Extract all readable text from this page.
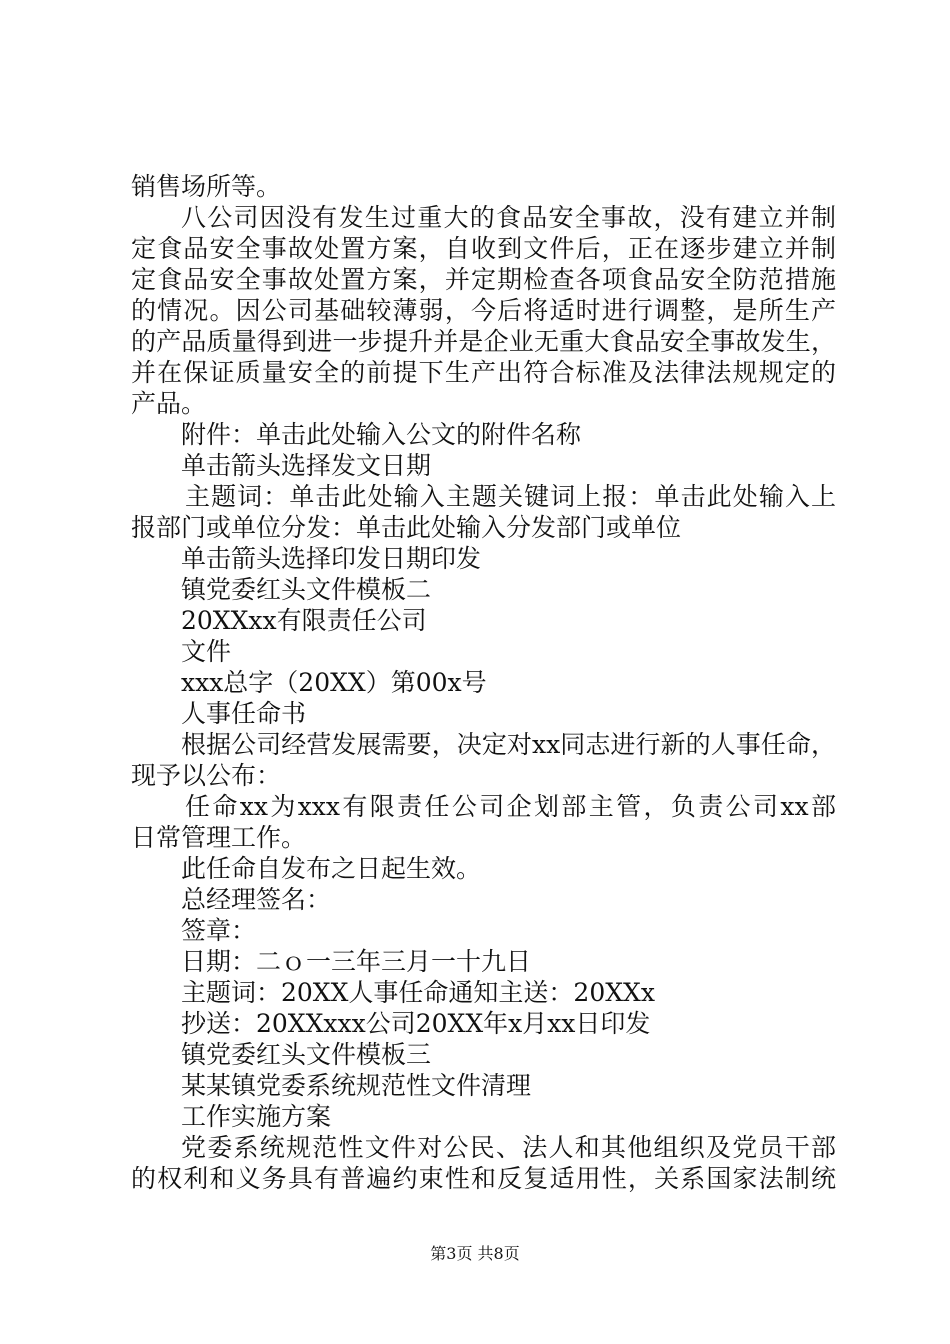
销售场所等。
八公司因没有发生过重大的食品安全事故，没有建立并制
定食品安全事故处置方案，自收到文件后，正在逐步建立并制
定食品安全事故处置方案，并定期检查各项食品安全防范措施
的情况。因公司基础较薄弱，今后将适时进行调整，是所生产
的产品质量得到进一步提升并是企业无重大食品安全事故发生，
并在保证质量安全的前提下生产出符合标准及法律法规规定的
产品。
附件：单击此处输入公文的附件名称
单击箭头选择发文日期
主题词：单击此处输入主题关键词上报：单击此处输入上
报部门或单位分发：单击此处输入分发部门或单位
单击箭头选择印发日期印发
镇党委红头文件模板二
20XXxx有限责任公司
文件
xxx总字（20XX）第00x号
人事任命书
根据公司经营发展需要，决定对xx同志进行新的人事任命，
现予以公布：
任命xx为xxx有限责任公司企划部主管，负责公司xx部
日常管理工作。
此任命自发布之日起生效。
总经理签名：
签章：
日期：二ｏ一三年三月一十九日
主题词：20XX人事任命通知主送：20XXx
抄送：20XXxxx公司20XX年x月xx日印发
镇党委红头文件模板三
某某镇党委系统规范性文件清理
工作实施方案
党委系统规范性文件对公民、法人和其他组织及党员干部
的权利和义务具有普遍约束性和反复适用性，关系国家法制统
第3页 共8页
